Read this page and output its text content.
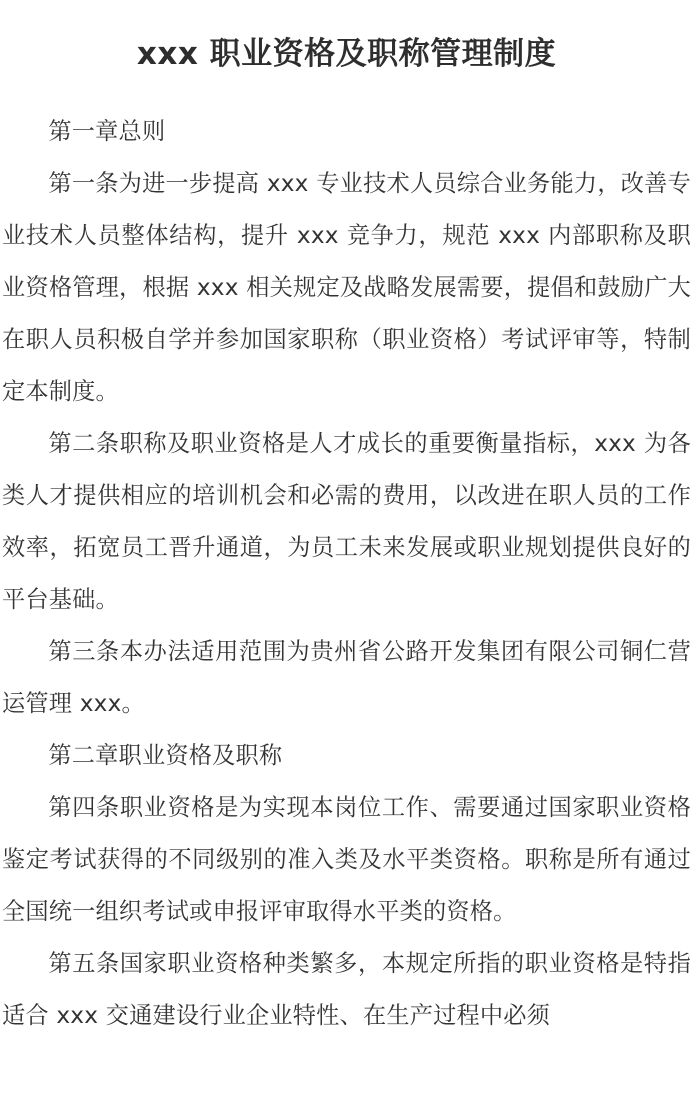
xxx 职业资格及职称管理制度

第一章总则

第一条为进一步提高 xxx 专业技术人员综合业务能力，改善专业技术人员整体结构，提升 xxx 竞争力，规范 xxx 内部职称及职业资格管理，根据 xxx 相关规定及战略发展需要，提倡和鼓励广大在职人员积极自学并参加国家职称（职业资格）考试评审等，特制定本制度。

第二条职称及职业资格是人才成长的重要衡量指标，xxx 为各类人才提供相应的培训机会和必需的费用，以改进在职人员的工作效率，拓宽员工晋升通道，为员工未来发展或职业规划提供良好的平台基础。

第三条本办法适用范围为贵州省公路开发集团有限公司铜仁营运管理 xxx。

第二章职业资格及职称

第四条职业资格是为实现本岗位工作、需要通过国家职业资格鉴定考试获得的不同级别的准入类及水平类资格。职称是所有通过全国统一组织考试或申报评审取得水平类的资格。

第五条国家职业资格种类繁多，本规定所指的职业资格是特指适合 xxx 交通建设行业企业特性、在生产过程中必须
